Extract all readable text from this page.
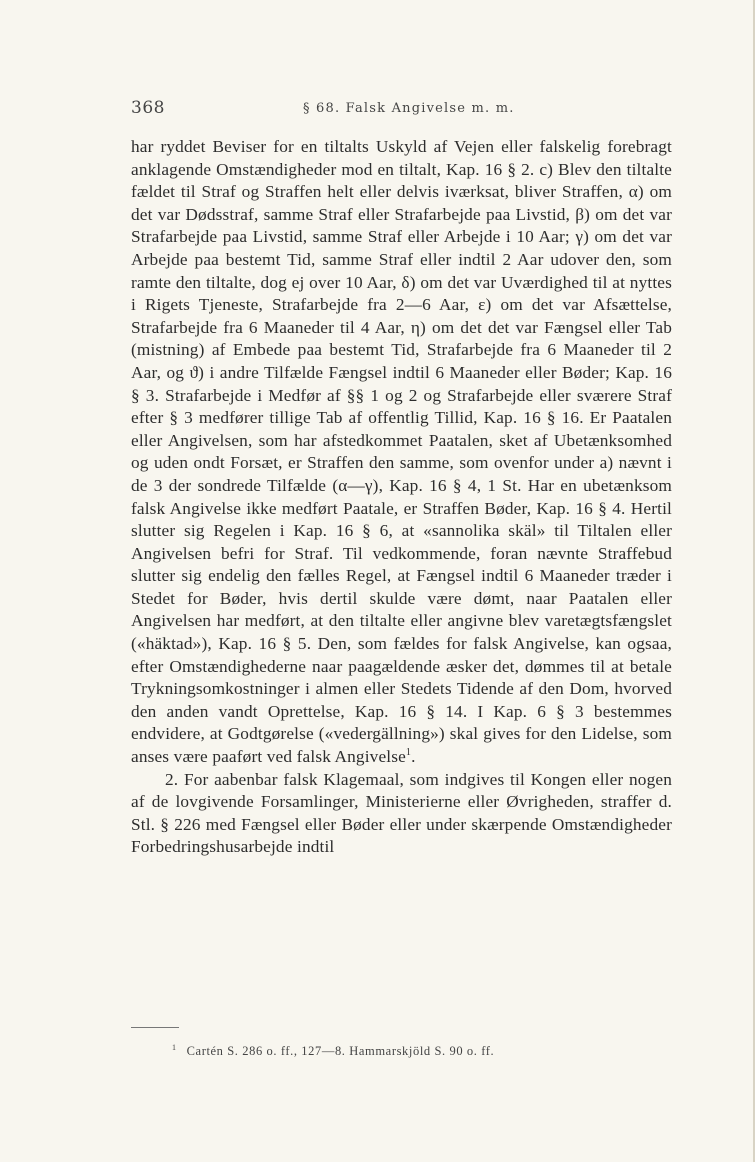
368	§ 68. Falsk Angivelse m. m.

har ryddet Beviser for en tiltalts Uskyld af Vejen eller falskelig forebragt anklagende Omstændigheder mod en tiltalt, Kap. 16 § 2. c) Blev den tiltalte fældet til Straf og Straffen helt eller delvis iværksat, bliver Straffen, α) om det var Dødsstraf, samme Straf eller Strafarbejde paa Livstid, β) om det var Strafarbejde paa Livstid, samme Straf eller Arbejde i 10 Aar; γ) om det var Arbejde paa bestemt Tid, samme Straf eller indtil 2 Aar udover den, som ramte den tiltalte, dog ej over 10 Aar, δ) om det var Uværdighed til at nyttes i Rigets Tjeneste, Strafarbejde fra 2—6 Aar, ε) om det var Afsættelse, Strafarbejde fra 6 Maaneder til 4 Aar, η) om det det var Fængsel eller Tab (mistning) af Embede paa bestemt Tid, Strafarbejde fra 6 Maaneder til 2 Aar, og ϑ) i andre Tilfælde Fængsel indtil 6 Maaneder eller Bøder; Kap. 16 § 3. Strafarbejde i Medfør af §§ 1 og 2 og Strafarbejde eller sværere Straf efter § 3 medfører tillige Tab af offentlig Tillid, Kap. 16 § 16. Er Paatalen eller Angivelsen, som har afstedkommet Paatalen, sket af Ubetænksomhed og uden ondt Forsæt, er Straffen den samme, som ovenfor under a) nævnt i de 3 der sondrede Tilfælde (α—γ), Kap. 16 § 4, 1 St. Har en ubetænksom falsk Angivelse ikke medført Paatale, er Straffen Bøder, Kap. 16 § 4. Hertil slutter sig Regelen i Kap. 16 § 6, at «sannolika skäl» til Tiltalen eller Angivelsen befri for Straf. Til vedkommende, foran nævnte Straffebud slutter sig endelig den fælles Regel, at Fængsel indtil 6 Maaneder træder i Stedet for Bøder, hvis dertil skulde være dømt, naar Paatalen eller Angivelsen har medført, at den tiltalte eller angivne blev varetægtsfængslet («häktad»), Kap. 16 § 5. Den, som fældes for falsk Angivelse, kan ogsaa, efter Omstændighederne naar paagældende æsker det, dømmes til at betale Trykningsomkostninger i almen eller Stedets Tidende af den Dom, hvorved den anden vandt Oprettelse, Kap. 16 § 14. I Kap. 6 § 3 bestemmes endvidere, at Godtgørelse («vedergällning») skal gives for den Lidelse, som anses være paaført ved falsk Angivelse$^1$.

2. For aabenbar falsk Klagemaal, som indgives til Kongen eller nogen af de lovgivende Forsamlinger, Ministerierne eller Øvrigheden, straffer d. Stl. § 226 med Fængsel eller Bøder eller under skærpende Omstændigheder Forbedringshusarbejde indtil

$^1$ Cartén S. 286 o. ff., 127—8. Hammarskjöld S. 90 o. ff.
